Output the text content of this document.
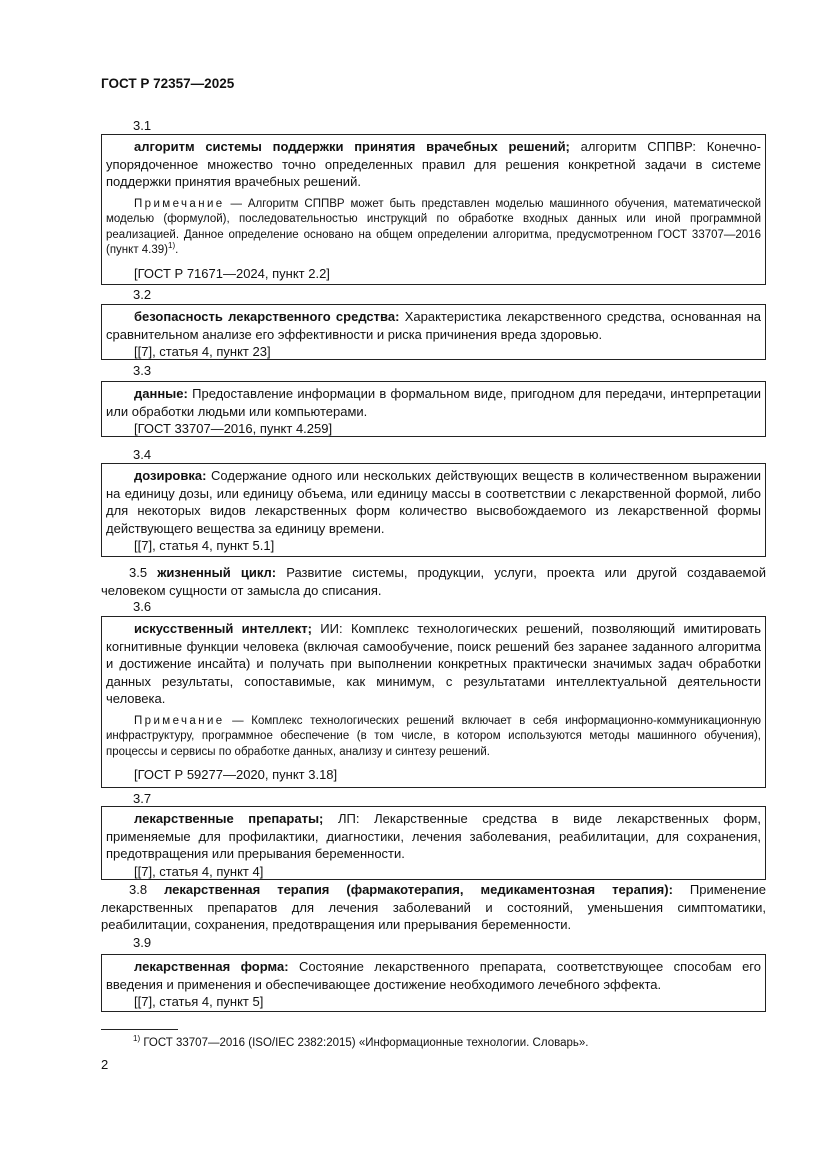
ГОСТ Р 72357—2025
3.1

алгоритм системы поддержки принятия врачебных решений; алгоритм СППВР: Конечно-упорядоченное множество точно определенных правил для решения конкретной задачи в системе поддержки принятия врачебных решений.

Примечание — Алгоритм СППВР может быть представлен моделью машинного обучения, математической моделью (формулой), последовательностью инструкций по обработке входных данных или иной программной реализацией. Данное определение основано на общем определении алгоритма, предусмотренном ГОСТ 33707—2016 (пункт 4.39)$^{1)}$.

[ГОСТ Р 71671—2024, пункт 2.2]

3.2

безопасность лекарственного средства: Характеристика лекарственного средства, основанная на сравнительном анализе его эффективности и риска причинения вреда здоровью.

[[7], статья 4, пункт 23]

3.3

данные: Предоставление информации в формальном виде, пригодном для передачи, интерпретации или обработки людьми или компьютерами.

[ГОСТ 33707—2016, пункт 4.259]

3.4

дозировка: Содержание одного или нескольких действующих веществ в количественном выражении на единицу дозы, или единицу объема, или единицу массы в соответствии с лекарственной формой, либо для некоторых видов лекарственных форм количество высвобождаемого из лекарственной формы действующего вещества за единицу времени.

[[7], статья 4, пункт 5.1]

3.5 жизненный цикл: Развитие системы, продукции, услуги, проекта или другой создаваемой человеком сущности от замысла до списания.

3.6

искусственный интеллект; ИИ: Комплекс технологических решений, позволяющий имитировать когнитивные функции человека (включая самообучение, поиск решений без заранее заданного алгоритма и достижение инсайта) и получать при выполнении конкретных практически значимых задач обработки данных результаты, сопоставимые, как минимум, с результатами интеллектуальной деятельности человека.

Примечание — Комплекс технологических решений включает в себя информационно-коммуникационную инфраструктуру, программное обеспечение (в том числе, в котором используются методы машинного обучения), процессы и сервисы по обработке данных, анализу и синтезу решений.

[ГОСТ Р 59277—2020, пункт 3.18]

3.7

лекарственные препараты; ЛП: Лекарственные средства в виде лекарственных форм, применяемые для профилактики, диагностики, лечения заболевания, реабилитации, для сохранения, предотвращения или прерывания беременности.

[[7], статья 4, пункт 4]

3.8 лекарственная терапия (фармакотерапия, медикаментозная терапия): Применение лекарственных препаратов для лечения заболеваний и состояний, уменьшения симптоматики, реабилитации, сохранения, предотвращения или прерывания беременности.

3.9

лекарственная форма: Состояние лекарственного препарата, соответствующее способам его введения и применения и обеспечивающее достижение необходимого лечебного эффекта.

[[7], статья 4, пункт 5]

$^{1)}$ ГОСТ 33707—2016 (ISO/IEC 2382:2015) «Информационные технологии. Словарь».
2
